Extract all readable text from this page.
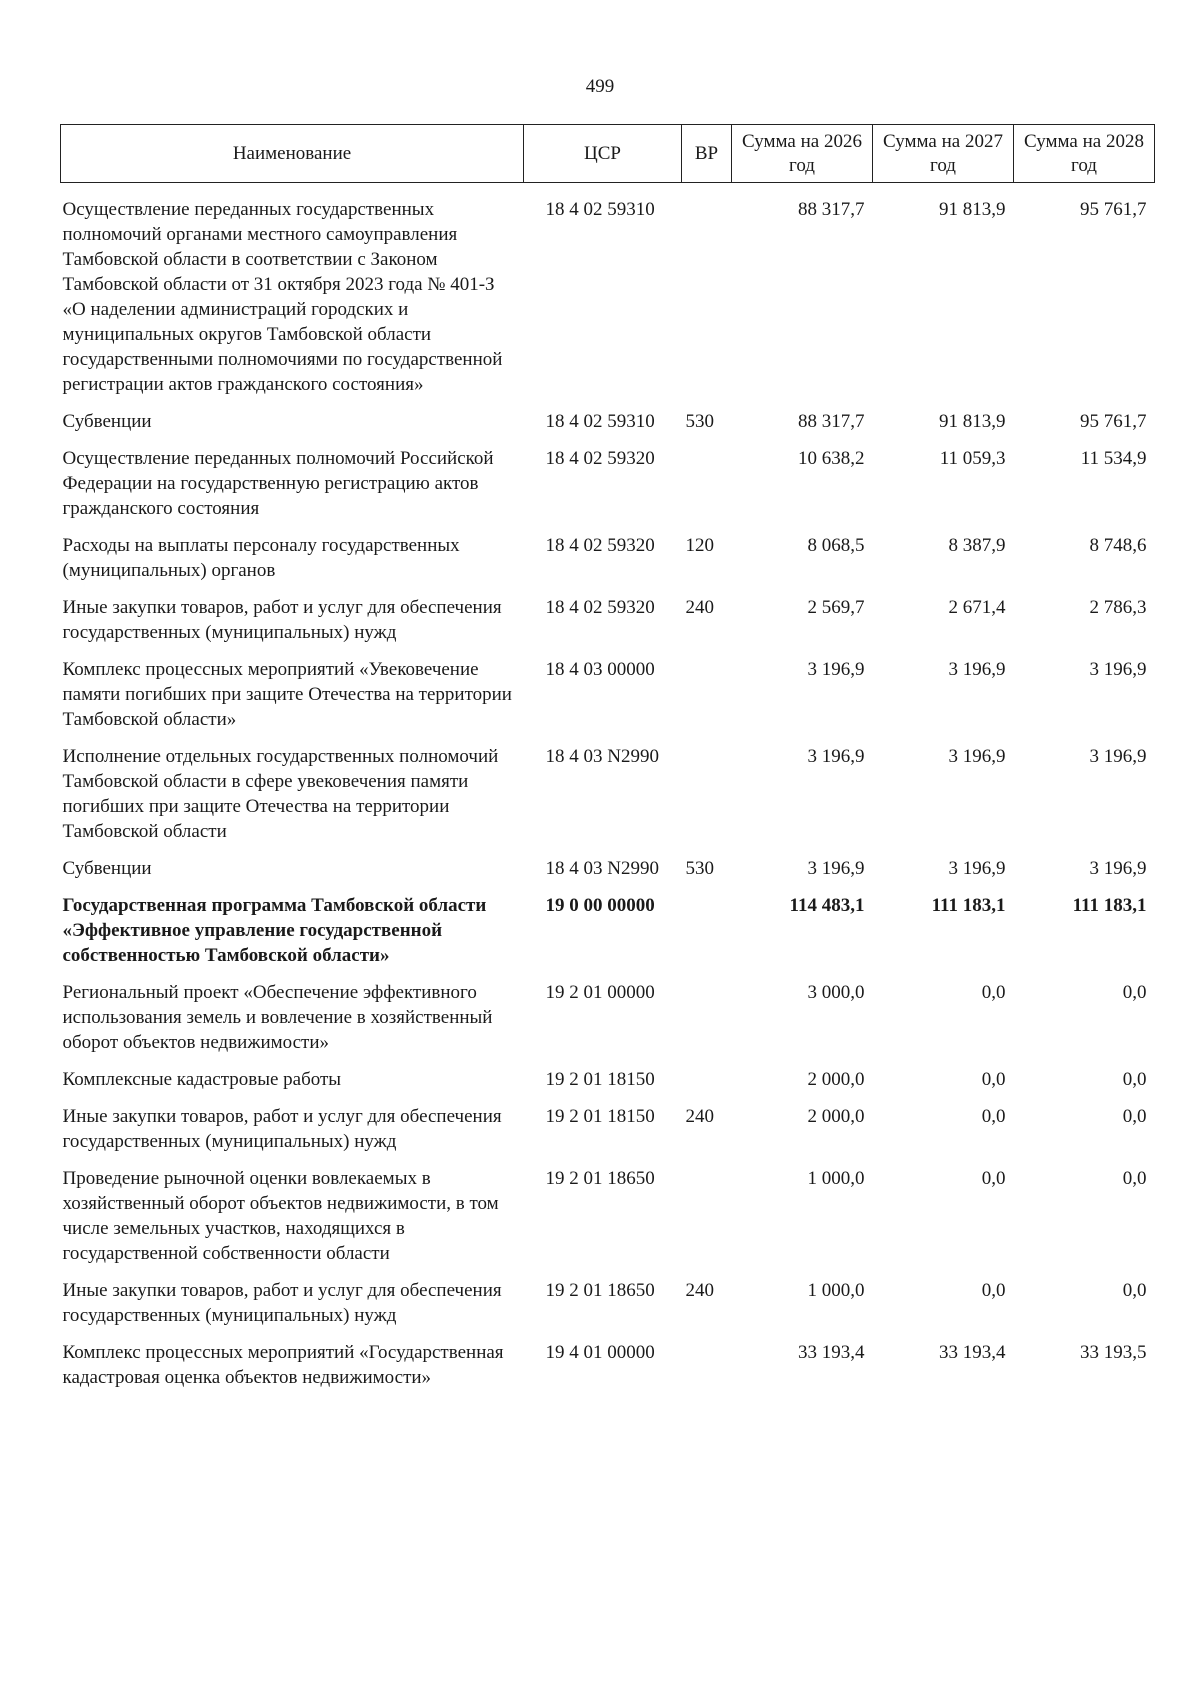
499
Наименование	ЦСР	ВР	Сумма на 2026 год	Сумма на 2027 год	Сумма на 2028 год
Осуществление переданных государственных полномочий органами местного самоуправления Тамбовской области в соответствии с Законом Тамбовской области от 31 октября 2023 года № 401-З «О наделении администраций городских и муниципальных округов Тамбовской области государственными полномочиями по государственной регистрации актов гражданского состояния»	18 4 02 59310		88 317,7	91 813,9	95 761,7
Субвенции	18 4 02 59310	530	88 317,7	91 813,9	95 761,7
Осуществление переданных полномочий Российской Федерации на государственную регистрацию актов гражданского состояния	18 4 02 59320		10 638,2	11 059,3	11 534,9
Расходы на выплаты персоналу государственных (муниципальных) органов	18 4 02 59320	120	8 068,5	8 387,9	8 748,6
Иные закупки товаров, работ и услуг для обеспечения государственных (муниципальных) нужд	18 4 02 59320	240	2 569,7	2 671,4	2 786,3
Комплекс процессных мероприятий «Увековечение памяти погибших при защите Отечества на территории Тамбовской области»	18 4 03 00000		3 196,9	3 196,9	3 196,9
Исполнение отдельных государственных полномочий Тамбовской области в сфере увековечения памяти погибших при защите Отечества на территории Тамбовской области	18 4 03 N2990		3 196,9	3 196,9	3 196,9
Субвенции	18 4 03 N2990	530	3 196,9	3 196,9	3 196,9
Государственная программа Тамбовской области «Эффективное управление государственной собственностью Тамбовской области»	19 0 00 00000		114 483,1	111 183,1	111 183,1
Региональный проект «Обеспечение эффективного использования земель и вовлечение в хозяйственный оборот объектов недвижимости»	19 2 01 00000		3 000,0	0,0	0,0
Комплексные кадастровые работы	19 2 01 18150		2 000,0	0,0	0,0
Иные закупки товаров, работ и услуг для обеспечения государственных (муниципальных) нужд	19 2 01 18150	240	2 000,0	0,0	0,0
Проведение рыночной оценки вовлекаемых в хозяйственный оборот объектов недвижимости, в том числе земельных участков, находящихся в государственной собственности области	19 2 01 18650		1 000,0	0,0	0,0
Иные закупки товаров, работ и услуг для обеспечения государственных (муниципальных) нужд	19 2 01 18650	240	1 000,0	0,0	0,0
Комплекс процессных мероприятий «Государственная кадастровая оценка объектов недвижимости»	19 4 01 00000		33 193,4	33 193,4	33 193,5
